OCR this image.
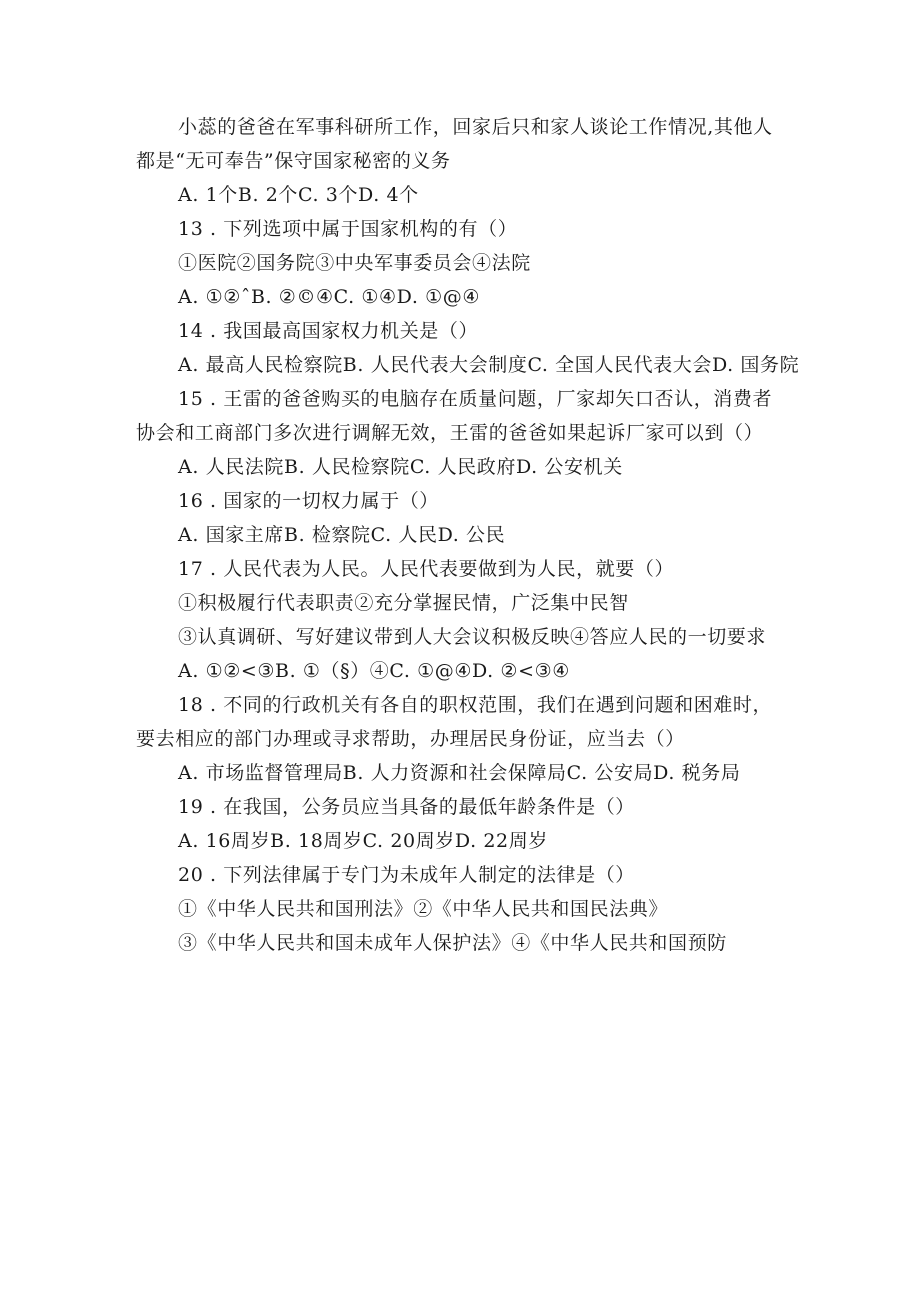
小蕊的爸爸在军事科研所工作，回家后只和家人谈论工作情况,其他人
都是“无可奉告”保守国家秘密的义务
A. 1个B. 2个C. 3个D. 4个
13 . 下列选项中属于国家机构的有（）
①医院②国务院③中央军事委员会④法院
A. ①②ˆB. ②©④C. ①④D. ①@④
14 . 我国最高国家权力机关是（）
A. 最高人民检察院B. 人民代表大会制度C. 全国人民代表大会D. 国务院
15 . 王雷的爸爸购买的电脑存在质量问题，厂家却矢口否认，消费者
协会和工商部门多次进行调解无效，王雷的爸爸如果起诉厂家可以到（）
A. 人民法院B. 人民检察院C. 人民政府D. 公安机关
16 . 国家的一切权力属于（）
A. 国家主席B. 检察院C. 人民D. 公民
17 . 人民代表为人民。人民代表要做到为人民，就要（）
①积极履行代表职责②充分掌握民情，广泛集中民智
③认真调研、写好建议带到人大会议积极反映④答应人民的一切要求
A. ①②<③B. ①（§）④C. ①@④D. ②<③④
18 . 不同的行政机关有各自的职权范围，我们在遇到问题和困难时，
要去相应的部门办理或寻求帮助，办理居民身份证，应当去（）
A. 市场监督管理局B. 人力资源和社会保障局C. 公安局D. 税务局
19 . 在我国，公务员应当具备的最低年龄条件是（）
A. 16周岁B. 18周岁C. 20周岁D. 22周岁
20 . 下列法律属于专门为未成年人制定的法律是（）
①《中华人民共和国刑法》②《中华人民共和国民法典》
③《中华人民共和国未成年人保护法》④《中华人民共和国预防
